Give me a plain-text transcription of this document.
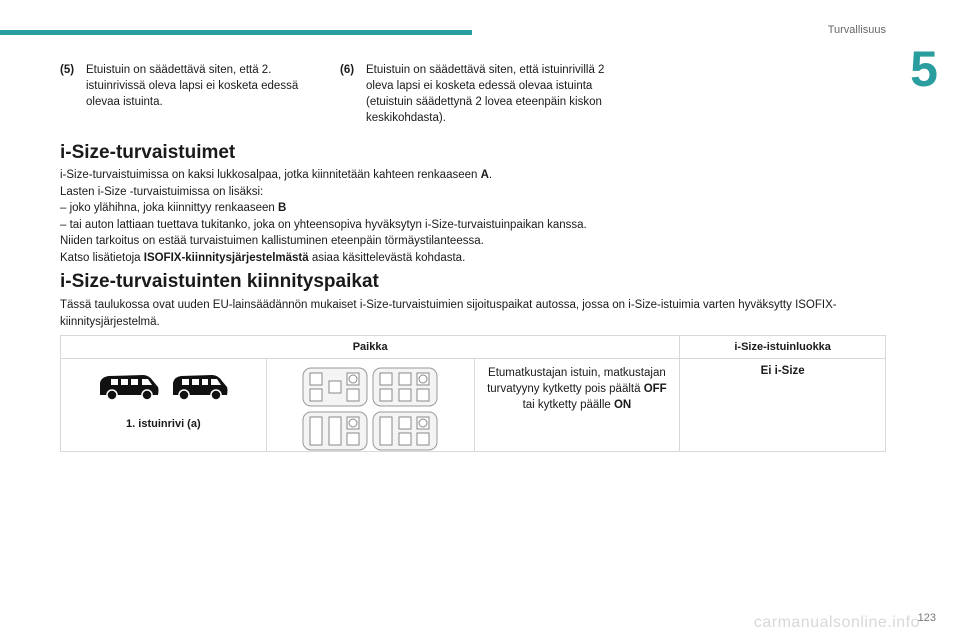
Turvallisuus
5
(5) Etuistuin on säädettävä siten, että 2. istuinrivissä oleva lapsi ei kosketa edessä olevaa istuinta.
(6) Etuistuin on säädettävä siten, että istuinrivillä 2 oleva lapsi ei kosketa edessä olevaa istuinta (etuistuin säädettynä 2 lovea eteenpäin kiskon keskikohdasta).
i-Size-turvaistuimet
i-Size-turvaistuimissa on kaksi lukkosalpaa, jotka kiinnitetään kahteen renkaaseen A.
Lasten i-Size -turvaistuimissa on lisäksi:
– joko ylähihna, joka kiinnittyy renkaaseen B
– tai auton lattiaan tuettava tukitanko, joka on yhteensopiva hyväksytyn i-Size-turvaistuinpaikan kanssa.
Niiden tarkoitus on estää turvaistuimen kallistuminen eteenpäin törmäystilanteessa.
Katso lisätietoja ISOFIX-kiinnitysjärjestelmästä asiaa käsittelevästä kohdasta.
i-Size-turvaistuinten kiinnityspaikat
Tässä taulukossa ovat uuden EU-lainsäädännön mukaiset i-Size-turvaistuimien sijoituspaikat autossa, jossa on i-Size-istuimia varten hyväksytty ISOFIX-kiinnitysjärjestelmä.
Paikka			i-Size-istuinluokka

1. istuinrivi (a)		Etumatkustajan istuin, matkustajan turvatyyny kytketty pois päältä OFF tai kytketty päälle ON	Ei i-Size
carmanualsonline.info
123
